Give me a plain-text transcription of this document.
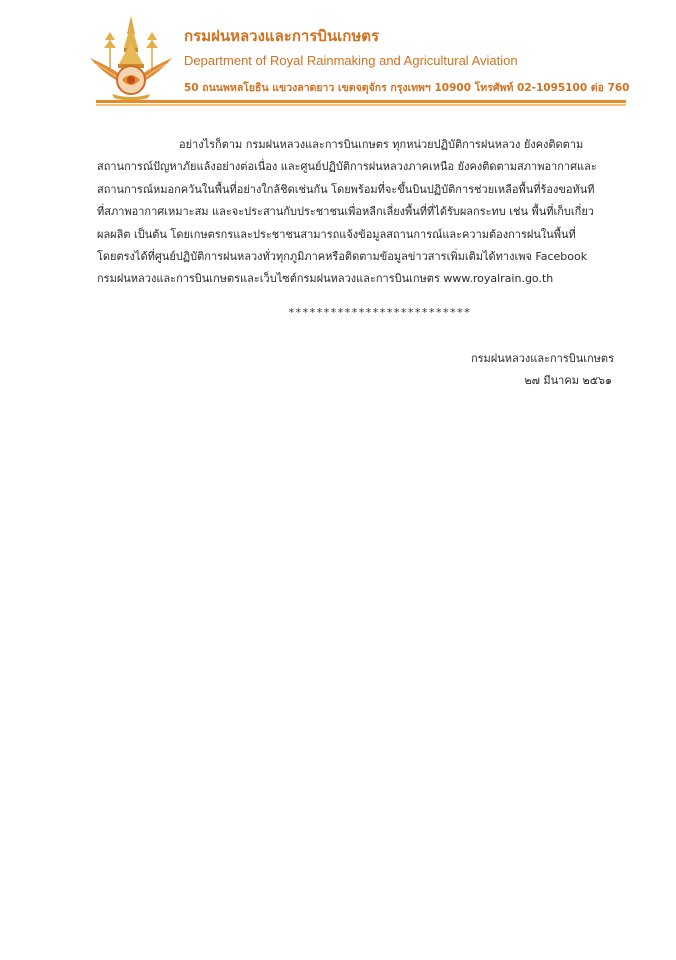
กรมฝนหลวงและการบินเกษตร
Department of Royal Rainmaking and Agricultural Aviation
50 ถนนพหลโยธิน แขวงลาดยาว เขตจตุจักร กรุงเทพฯ 10900 โทรศัพท์ 02-1095100 ต่อ 760
อย่างไรก็ตาม กรมฝนหลวงและการบินเกษตร ทุกหน่วยปฏิบัติการฝนหลวง ยังคงติดตาม
สถานการณ์ปัญหาภัยแล้งอย่างต่อเนื่อง และศูนย์ปฏิบัติการฝนหลวงภาคเหนือ ยังคงติดตามสภาพอากาศและ
สถานการณ์หมอกควันในพื้นที่อย่างใกล้ชิดเช่นกัน โดยพร้อมที่จะขึ้นบินปฏิบัติการช่วยเหลือพื้นที่ร้องขอทันที
ที่สภาพอากาศเหมาะสม และจะประสานกับประชาชนเพื่อหลีกเลี่ยงพื้นที่ที่ได้รับผลกระทบ เช่น พื้นที่เก็บเกี่ยว
ผลผลิต เป็นต้น โดยเกษตรกรและประชาชนสามารถแจ้งข้อมูลสถานการณ์และความต้องการฝนในพื้นที่
โดยตรงได้ที่ศูนย์ปฏิบัติการฝนหลวงทั่วทุกภูมิภาคหรือติดตามข้อมูลข่าวสารเพิ่มเติมได้ทางเพจ Facebook
กรมฝนหลวงและการบินเกษตรและเว็บไซต์กรมฝนหลวงและการบินเกษตร www.royalrain.go.th
**************************
กรมฝนหลวงและการบินเกษตร
๒๗ มีนาคม ๒๕๖๑
